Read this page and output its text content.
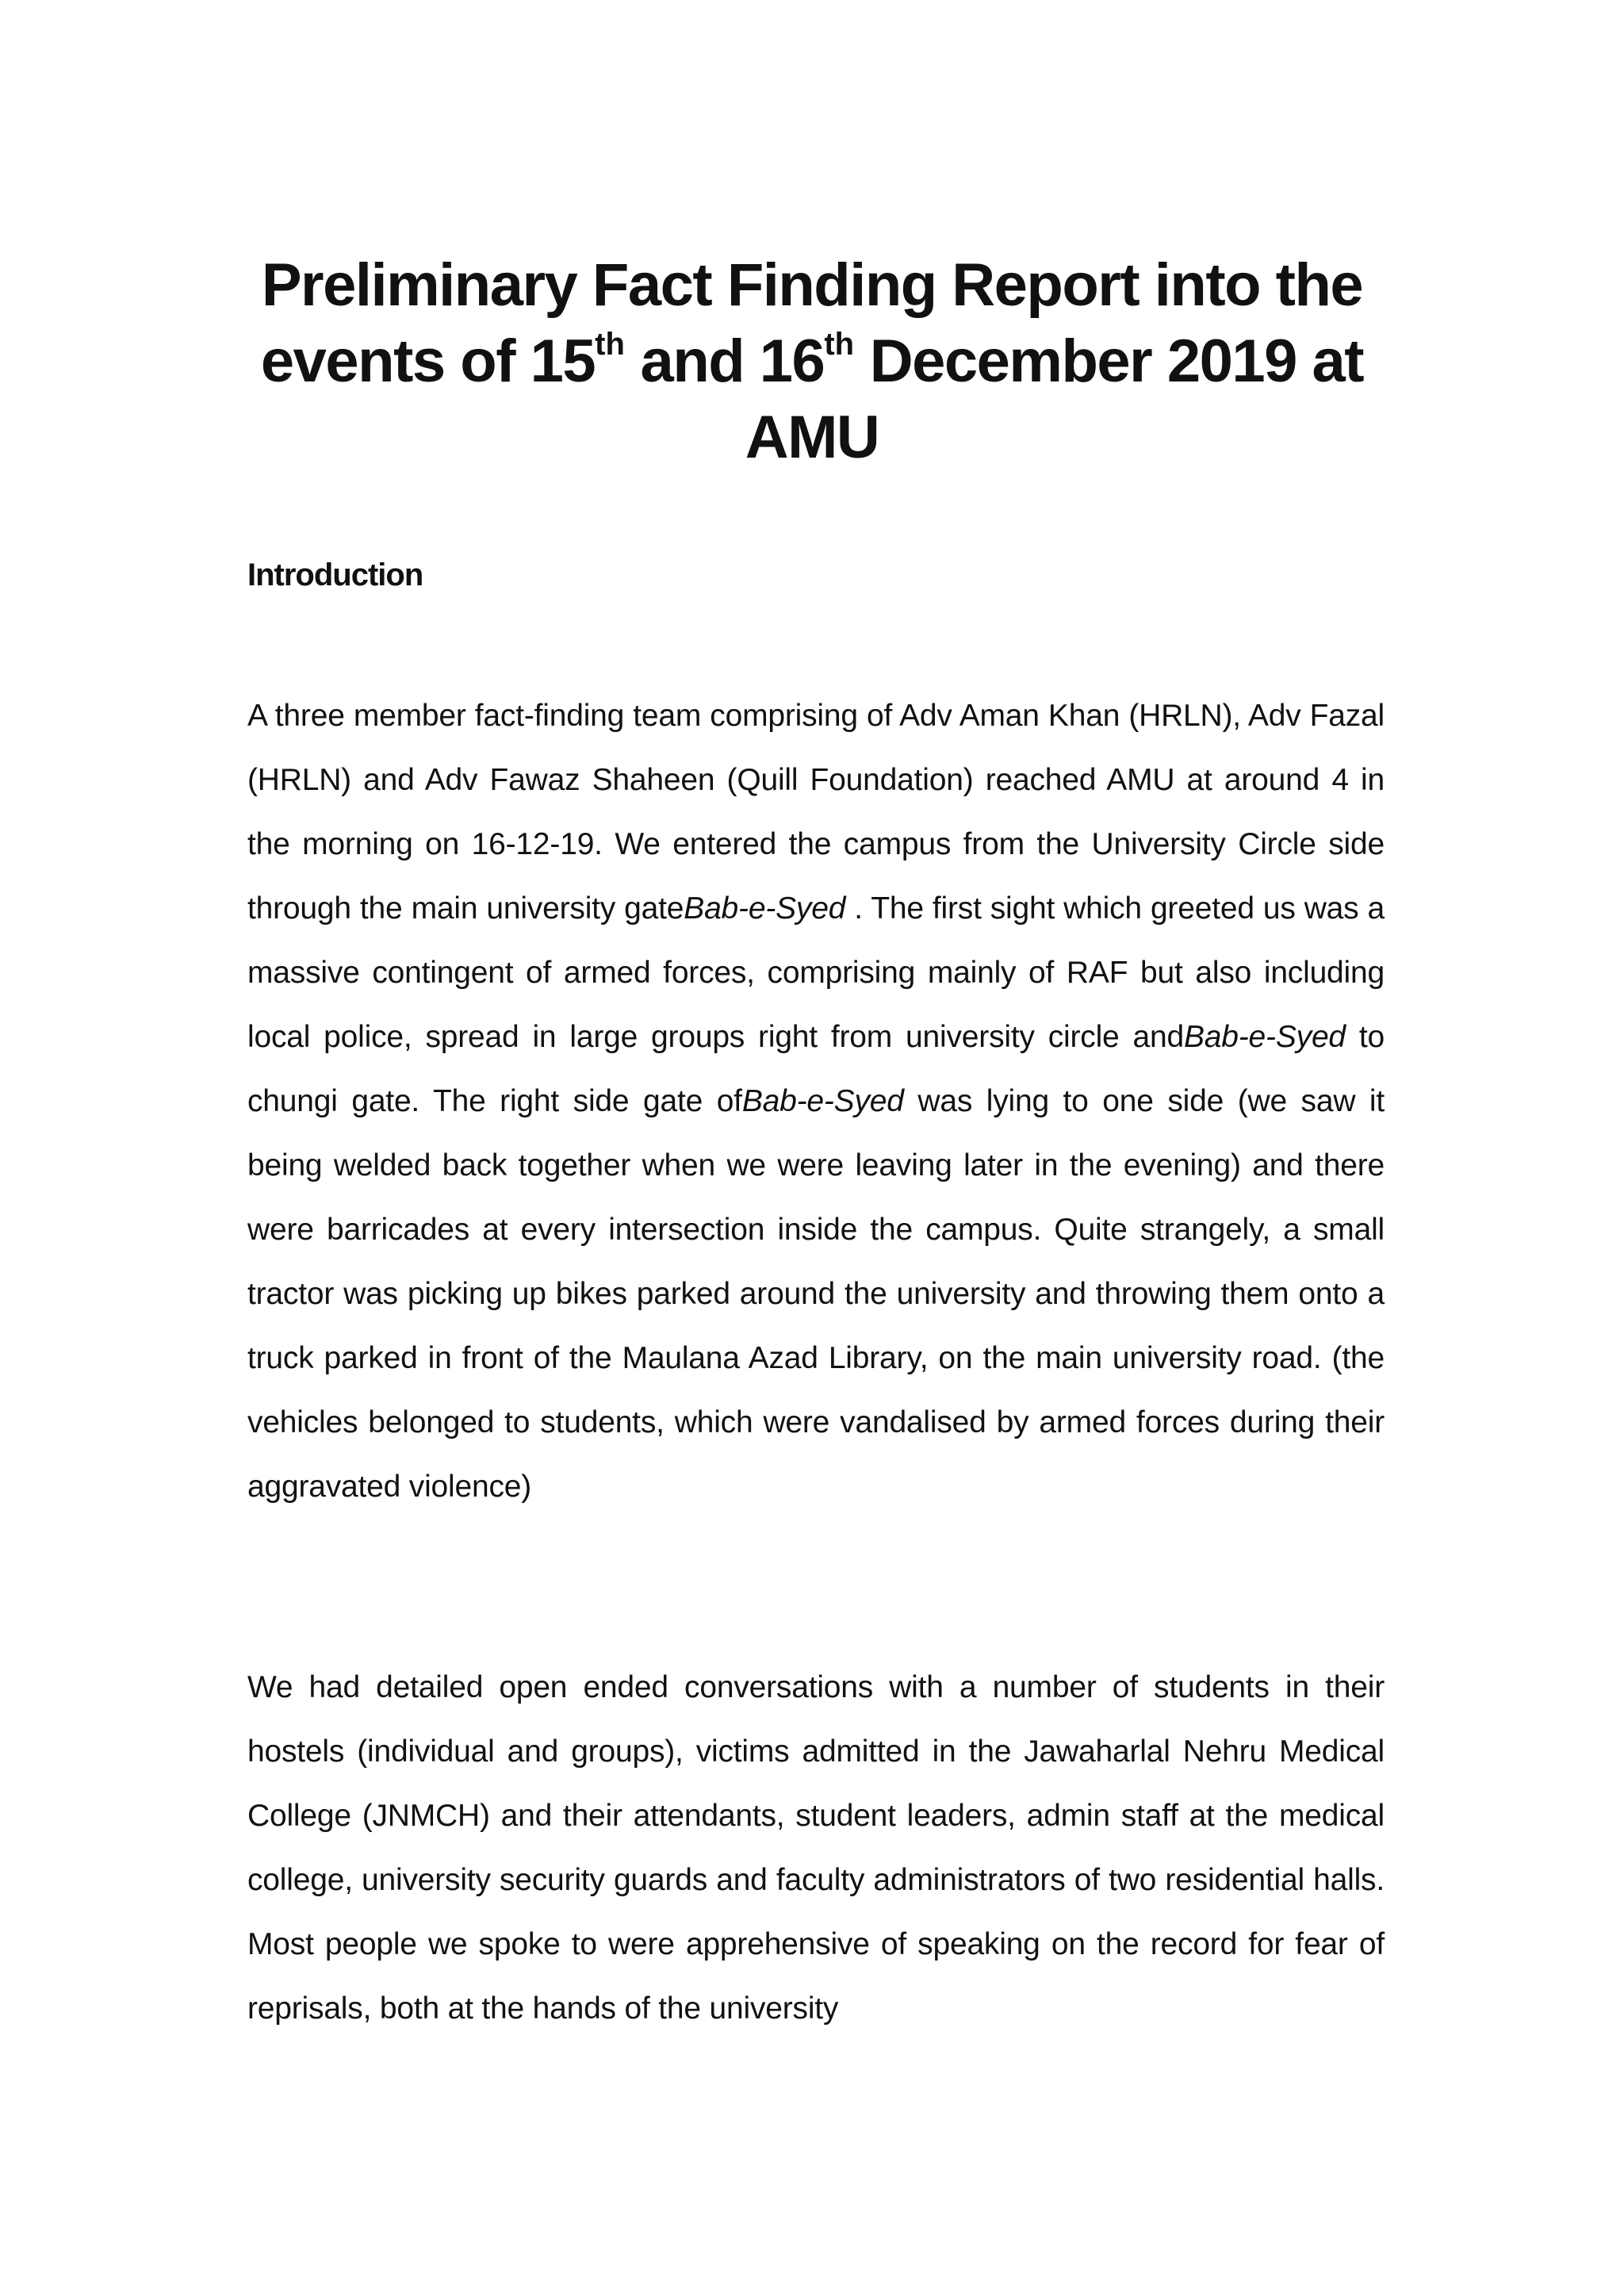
Preliminary Fact Finding Report into the
events of 15th and 16th December 2019 at
AMU
Introduction

A three member fact-finding team comprising of Adv Aman Khan (HRLN), Adv Fazal (HRLN) and Adv Fawaz Shaheen (Quill Foundation) reached AMU at around 4 in the morning on 16-12-19. We entered the campus from the University Circle side through the main university gateBab-e-Syed . The first sight which greeted us was a massive contingent of armed forces, comprising mainly of RAF but also including local police, spread in large groups right from university circle andBab-e-Syed to chungi gate. The right side gate ofBab-e-Syed was lying to one side (we saw it being welded back together when we were leaving later in the evening) and there were barricades at every intersection inside the campus. Quite strangely, a small tractor was picking up bikes parked around the university and throwing them onto a truck parked in front of the Maulana Azad Library, on the main university road. (the vehicles belonged to students, which were vandalised by armed forces during their aggravated violence)

We had detailed open ended conversations with a number of students in their hostels (individual and groups), victims admitted in the Jawaharlal Nehru Medical College (JNMCH) and their attendants, student leaders, admin staff at the medical college, university security guards and faculty administrators of two residential halls. Most people we spoke to were apprehensive of speaking on the record for fear of reprisals, both at the hands of the university
